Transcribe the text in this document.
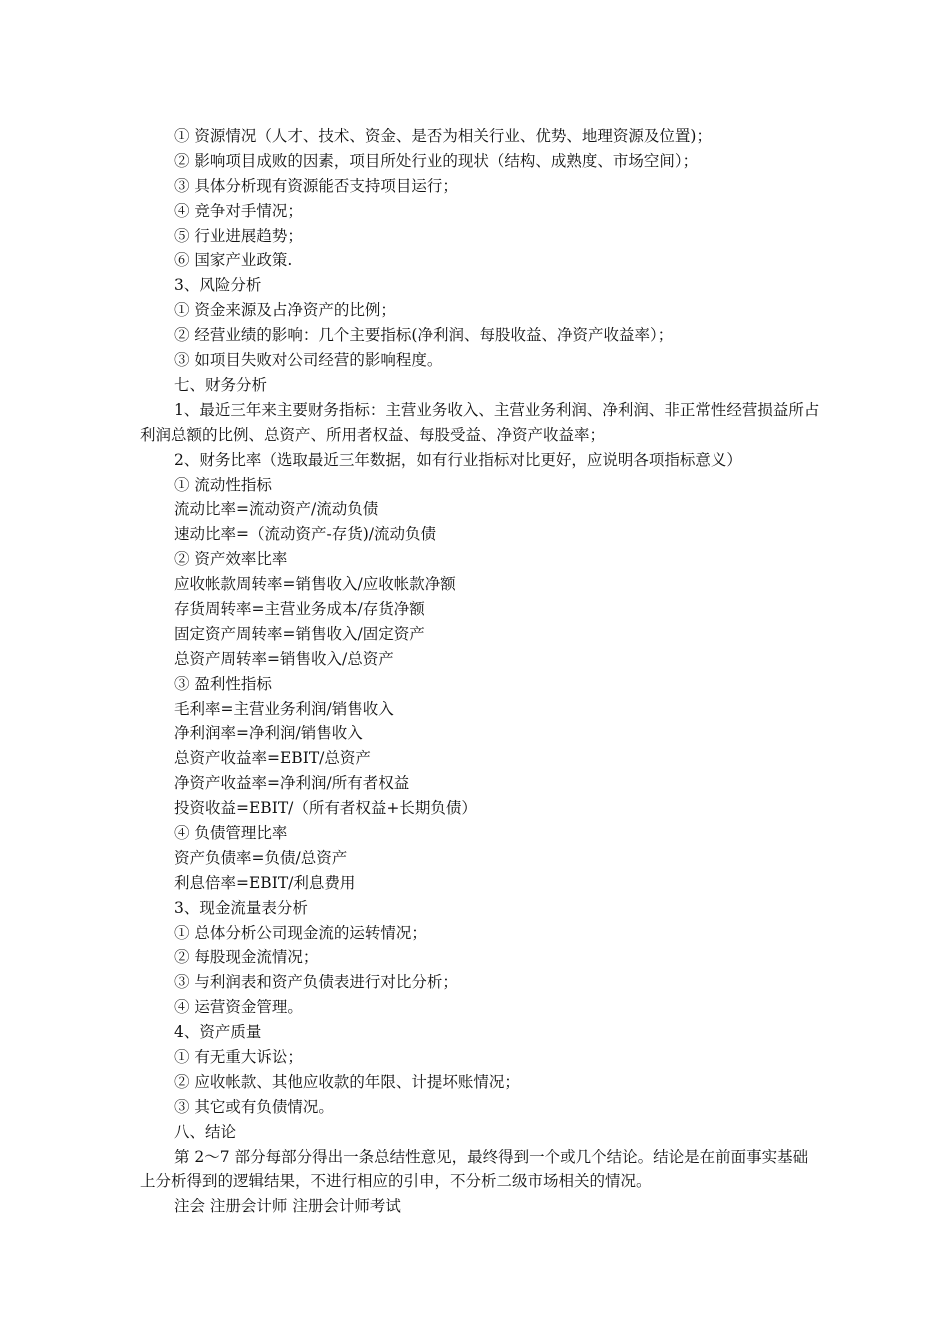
① 资源情况（人才、技术、资金、是否为相关行业、优势、地理资源及位置)；
② 影响项目成败的因素，项目所处行业的现状（结构、成熟度、市场空间）；
③ 具体分析现有资源能否支持项目运行；
④ 竞争对手情况；
⑤ 行业进展趋势；
⑥ 国家产业政策.
3、风险分析
① 资金来源及占净资产的比例；
② 经营业绩的影响：几个主要指标(净利润、每股收益、净资产收益率）；
③ 如项目失败对公司经营的影响程度。
七、财务分析
1、最近三年来主要财务指标：主营业务收入、主营业务利润、净利润、非正常性经营损益所占利润总额的比例、总资产、所用者权益、每股受益、净资产收益率；
2、财务比率（选取最近三年数据，如有行业指标对比更好，应说明各项指标意义）
① 流动性指标
流动比率=流动资产/流动负债
速动比率=（流动资产-存货)/流动负债
② 资产效率比率
应收帐款周转率=销售收入/应收帐款净额
存货周转率=主营业务成本/存货净额
固定资产周转率=销售收入/固定资产
总资产周转率=销售收入/总资产
③ 盈利性指标
毛利率=主营业务利润/销售收入
净利润率=净利润/销售收入
总资产收益率=EBIT/总资产
净资产收益率=净利润/所有者权益
投资收益=EBIT/（所有者权益+长期负债）
④ 负债管理比率
资产负债率=负债/总资产
利息倍率=EBIT/利息费用
3、现金流量表分析
① 总体分析公司现金流的运转情况；
② 每股现金流情况；
③ 与利润表和资产负债表进行对比分析；
④ 运营资金管理。
4、资产质量
① 有无重大诉讼；
② 应收帐款、其他应收款的年限、计提坏账情况；
③ 其它或有负债情况。
八、结论
第 2～7 部分每部分得出一条总结性意见，最终得到一个或几个结论。结论是在前面事实基础上分析得到的逻辑结果，不进行相应的引申，不分析二级市场相关的情况。
注会 注册会计师 注册会计师考试
